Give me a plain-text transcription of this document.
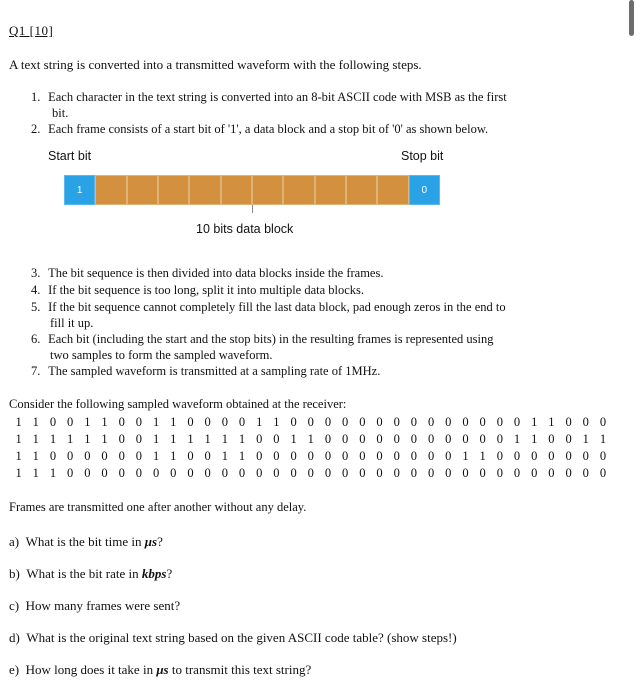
Q1 [10]
A text string is converted into a transmitted waveform with the following steps.
1. Each character in the text string is converted into an 8-bit ASCII code with MSB as the first
bit.
2. Each frame consists of a start bit of '1', a data block and a stop bit of '0' as shown below.
Start bit	Stop bit
1	0
10 bits data block
3. The bit sequence is then divided into data blocks inside the frames.
4. If the bit sequence is too long, split it into multiple data blocks.
5. If the bit sequence cannot completely fill the last data block, pad enough zeros in the end to
fill it up.
6. Each bit (including the start and the stop bits) in the resulting frames is represented using
two samples to form the sampled waveform.
7. The sampled waveform is transmitted at a sampling rate of 1MHz.
Consider the following sampled waveform obtained at the receiver:
1 1 0 0 1 1 0 0 1 1 0 0 0 0 1 1 0 0 0 0 0 0 0 0 0 0 0 0 0 0 1 1 0 0 0
1 1 1 1 1 1 0 0 1 1 1 1 1 1 0 0 1 1 0 0 0 0 0 0 0 0 0 0 0 1 1 0 0 1 1
1 1 0 0 0 0 0 0 1 1 0 0 1 1 0 0 0 0 0 0 0 0 0 0 0 0 1 1 0 0 0 0 0 0 0
1 1 1 0 0 0 0 0 0 0 0 0 0 0 0 0 0 0 0 0 0 0 0 0 0 0 0 0 0 0 0 0 0 0 0
Frames are transmitted one after another without any delay.
a) What is the bit time in μs?
b) What is the bit rate in kbps?
c) How many frames were sent?
d) What is the original text string based on the given ASCII code table? (show steps!)
e) How long does it take in μs to transmit this text string?
